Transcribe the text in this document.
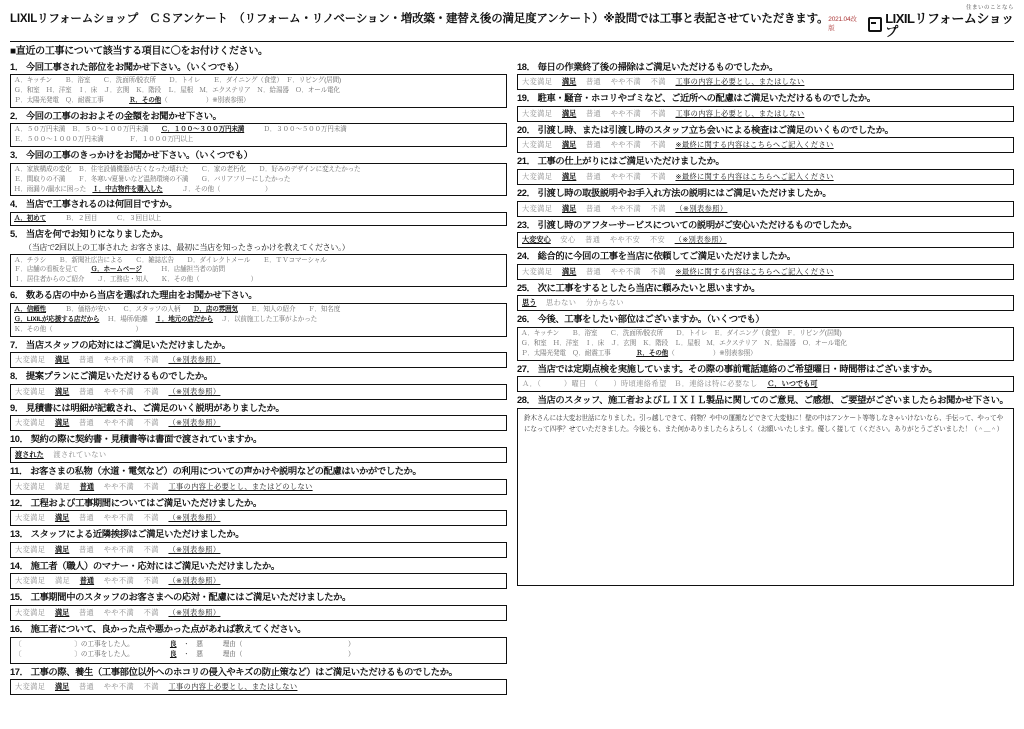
LIXILリフォームショップ　ＣＳアンケート　（リフォーム・リノベーション・増改築・建替え後の満足度アンケート）※設問では工事と表記させていただきます。 2021.04改版
住まいのことなら
LIXILリフォームショップ
■直近の工事について該当する項目に〇をお付けください。
1． 今回工事された部位をお聞かせ下さい。（いくつでも）
Ａ．キッチン　　Ｂ．浴室　　Ｃ．洗面所/脱衣所　　Ｄ．トイレ　　Ｅ．ダイニング（食堂）　Ｆ．リビング(居間)
Ｇ．和室　Ｈ．洋室　Ｉ．床　Ｊ．玄関　Ｋ．階段　Ｌ．屋根　Ｍ．エクステリア　Ｎ．給湯器　Ｏ．オール電化
Ｐ．太陽光発電　Ｑ．耐震工事　　　　Ｒ．その他（　　　　　　）※別表参照）
2． 今回の工事のおおよその金額をお聞かせ下さい。
Ａ．５０万円未満　Ｂ．５０～１００万円未満　　Ｃ．１００～３００万円未満　　　Ｄ．３００～５００万円未満
Ｅ．５００～１０００万円未満　　　　Ｆ．１０００万円以上
3． 今回の工事のきっかけをお聞かせ下さい。（いくつでも）
Ａ．家族構成の変化　Ｂ．住宅設備機器が古くなった/壊れた　　Ｃ．家の老朽化　　Ｄ．好みのデザインに変えたかった
Ｅ．間取りの不満　　Ｆ．冬寒い/夏暑いなど温熱環境の不満　　Ｇ．バリアフリーにしたかった
Ｈ．雨漏り/漏水に困った　Ｉ．中古物件を購入した　　　Ｊ．その他（　　　　　　　）
4． 当店で工事されるのは何回目ですか。
Ａ．初めて　　　Ｂ．２回目　　　Ｃ．３回目以上
5． 当店を何でお知りになりましたか。
（当店で2回以上の工事された お客さまは、最初に当店を知ったきっかけを教えてください。）
Ａ．チラシ　　Ｂ．新聞社広告による　　Ｃ．雑誌広告　　Ｄ．ダイレクトメール　　Ｅ．ＴＶコマーシャル
Ｆ．店舗の看板を見て　　Ｇ．ホームページ　　　Ｈ．店舗担当者の訪問
Ｉ．居住者からのご紹介　　Ｊ．工務店・知人　　Ｋ．その他（　　　　　　　　）
6． 数ある店の中から当店を選ばれた理由をお聞かせ下さい。
Ａ．信頼性　　　Ｂ．価格が安い　　Ｃ．スタッフの人柄　　Ｄ．店の雰囲気　　Ｅ．知人の紹介　　Ｆ．知名度
Ｇ．LIXILが応援する店だから　 Ｈ．場所/距離　 Ｉ．地元の店だから　 Ｊ．以前施工した工事がよかった
Ｋ．その他（　　　　　　　　　　　　　）
7． 当店スタッフの応対にはご満足いただけましたか。
大変満足 満足 普通 やや不満 不満 （※別表参照）
8． 提案プランにご満足いただけるものでしたか。
大変満足 満足 普通 やや不満 不満 （※別表参照）
9． 見積書には明細が記載され、ご満足のいく説明がありましたか。
大変満足 満足 普通 やや不満 不満 （※別表参照）
10． 契約の際に契約書・見積書等は書面で渡されていますか。
渡された 渡されていない
11． お客さまの私物（水道・電気など）の利用についての声かけや説明などの配慮はいかがでしたか。
大変満足 満足 普通 やや不満 不満 工事の内容上必要とし、またはどのしない
12． 工程および工事期間についてはご満足いただけましたか。
大変満足 満足 普通 やや不満 不満 （※別表参照）
13． スタッフによる近隣挨拶はご満足いただけましたか。
大変満足 満足 普通 やや不満 不満 （※別表参照）
14． 施工者（職人）のマナー・応対にはご満足いただけましたか。
大変満足 満足 普通 やや不満 不満 （※別表参照）
15． 工事期間中のスタッフのお客さまへの応対・配慮にはご満足いただけましたか。
大変満足 満足 普通 やや不満 不満 （※別表参照）
16． 施工者について、良かった点や悪かった点があれば教えてください。
〔　　　　　　　　〕の工事をした人。　　　　　　良　・　悪　　　理由（　　　　　　　　　　　　　　　　）
〔　　　　　　　　〕の工事をした人。　　　　　　良　・　悪　　　理由（　　　　　　　　　　　　　　　　）
17． 工事の際、養生（工事部位以外へのホコリの侵入やキズの防止策など）はご満足いただけるものでしたか。
大変満足 満足 普通 やや不満 不満 工事の内容上必要とし、またはしない
18． 毎日の作業終了後の掃除はご満足いただけるものでしたか。
大変満足 満足 普通 やや不満 不満 工事の内容上必要とし、またはしない
19． 駐車・騒音・ホコリやゴミなど、ご近所への配慮はご満足いただけるものでしたか。
大変満足 満足 普通 やや不満 不満 工事の内容上必要とし、またはしない
20． 引渡し時、または引渡し時のスタッフ立ち会いによる検査はご満足のいくものでしたか。
大変満足 満足 普通 やや不満 不満 ※最終に関する内容はこちらへご記入ください
21． 工事の仕上がりにはご満足いただけましたか。
大変満足 満足 普通 やや不満 不満 ※最終に関する内容はこちらへご記入ください
22． 引渡し時の取扱説明やお手入れ方法の説明にはご満足いただけましたか。
大変満足 満足 普通 やや不満 不満 （※別表参照）
23． 引渡し時のアフターサービスについての説明がご安心いただけるものでしたか。
大変安心 安心 普通 やや不安 不安 （※別表参照）
24． 総合的に今回の工事を当店に依頼してご満足いただけましたか。
大変満足 満足 普通 やや不満 不満 ※最終に関する内容はこちらへご記入ください
25． 次に工事をするとしたら当店に頼みたいと思いますか。
思う 思わない 分からない
26． 今後、工事をしたい部位はございますか。（いくつでも）
Ａ．キッチン　　Ｂ．浴室　　Ｃ．洗面所/脱衣所　　Ｄ．トイレ　Ｅ．ダイニング（食堂）　Ｆ．リビング(居間)
Ｇ．和室　Ｈ．洋室　Ｉ．床　Ｊ．玄関　Ｋ．階段　Ｌ．屋根　Ｍ．エクステリア　Ｎ．給湯器　Ｏ．オール電化
Ｐ．太陽光発電　Ｑ．耐震工事　　　　Ｒ．その他（　　　　　　）※別表参照）
27． 当店では定期点検を実施しています。その際の事前電話連絡のご希望曜日・時間帯はございますか。
Ａ．（　　　）曜日　（　　）時頃連絡希望　Ｂ．連絡は特に必要なし Ｃ．いつでも可
28． 当店のスタッフ、施工者およびＬＩＸＩＬ製品に関してのご意見、ご感想、ご要望がございましたらお聞かせ下さい。
鈴木さんには大変お世話になりました。引っ越しできて、荷物？や中の運搬などできて大変他に！壁の中はアンケート等等しなきゃいけないなら、手伝って、やってやになって四季？せていただきました。今後とも、また何かありましたらよろしく（お願いいたします。優しく接して（ください。ありがとうございました！（＾＿＾）
